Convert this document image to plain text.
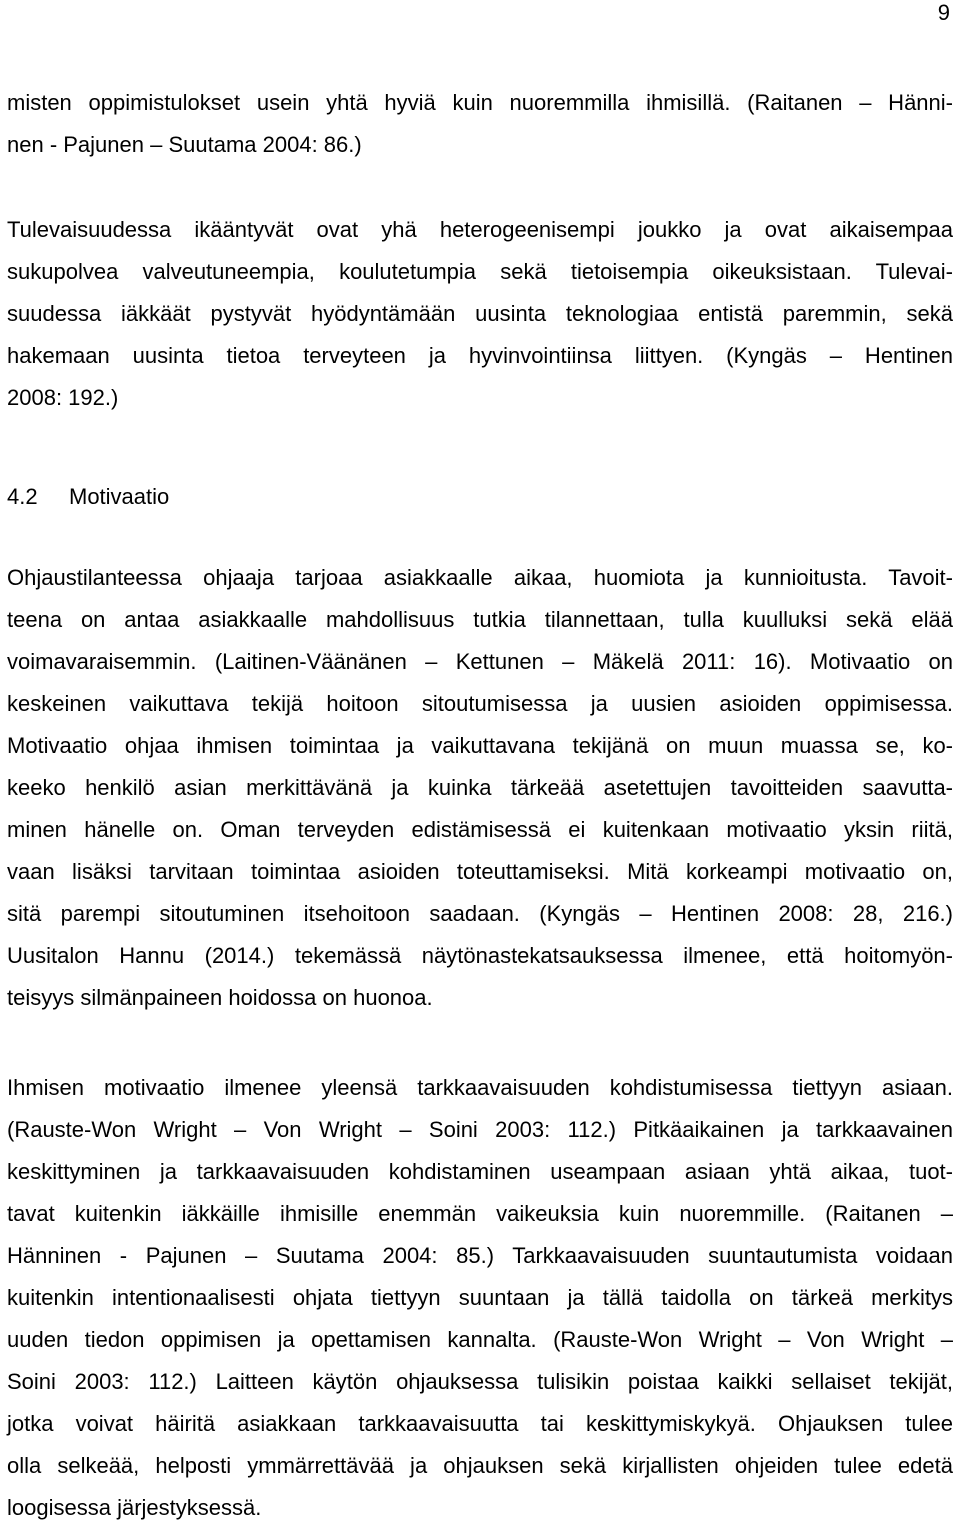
9
misten oppimistulokset usein yhtä hyviä kuin nuoremmilla ihmisillä. (Raitanen – Hänni-
nen - Pajunen – Suutama 2004: 86.)
Tulevaisuudessa ikääntyvät ovat yhä heterogeenisempi joukko ja ovat aikaisempaa
sukupolvea valveutuneempia, koulutetumpia sekä tietoisempia oikeuksistaan. Tulevai-
suudessa iäkkäät pystyvät hyödyntämään uusinta teknologiaa entistä paremmin, sekä
hakemaan uusinta tietoa terveyteen ja hyvinvointiinsa liittyen. (Kyngäs – Hentinen
2008: 192.)
4.2 Motivaatio
Ohjaustilanteessa ohjaaja tarjoaa asiakkaalle aikaa, huomiota ja kunnioitusta. Tavoit-
teena on antaa asiakkaalle mahdollisuus tutkia tilannettaan, tulla kuulluksi sekä elää
voimavaraisemmin. (Laitinen-Väänänen – Kettunen – Mäkelä 2011: 16). Motivaatio on
keskeinen vaikuttava tekijä hoitoon sitoutumisessa ja uusien asioiden oppimisessa.
Motivaatio ohjaa ihmisen toimintaa ja vaikuttavana tekijänä on muun muassa se, ko-
keeko henkilö asian merkittävänä ja kuinka tärkeää asetettujen tavoitteiden saavutta-
minen hänelle on. Oman terveyden edistämisessä ei kuitenkaan motivaatio yksin riitä,
vaan lisäksi tarvitaan toimintaa asioiden toteuttamiseksi. Mitä korkeampi motivaatio on,
sitä parempi sitoutuminen itsehoitoon saadaan. (Kyngäs – Hentinen 2008: 28, 216.)
Uusitalon Hannu (2014.) tekemässä näytönastekatsauksessa ilmenee, että hoitomyön-
teisyys silmänpaineen hoidossa on huonoa.
Ihmisen motivaatio ilmenee yleensä tarkkaavaisuuden kohdistumisessa tiettyyn asiaan.
(Rauste-Won Wright – Von Wright – Soini 2003: 112.) Pitkäaikainen ja tarkkaavainen
keskittyminen ja tarkkaavaisuuden kohdistaminen useampaan asiaan yhtä aikaa, tuot-
tavat kuitenkin iäkkäille ihmisille enemmän vaikeuksia kuin nuoremmille. (Raitanen –
Hänninen - Pajunen – Suutama 2004: 85.) Tarkkaavaisuuden suuntautumista voidaan
kuitenkin intentionaalisesti ohjata tiettyyn suuntaan ja tällä taidolla on tärkeä merkitys
uuden tiedon oppimisen ja opettamisen kannalta. (Rauste-Won Wright – Von Wright –
Soini 2003: 112.) Laitteen käytön ohjauksessa tulisikin poistaa kaikki sellaiset tekijät,
jotka voivat häiritä asiakkaan tarkkaavaisuutta tai keskittymiskykyä. Ohjauksen tulee
olla selkeää, helposti ymmärrettävää ja ohjauksen sekä kirjallisten ohjeiden tulee edetä
loogisessa järjestyksessä.
